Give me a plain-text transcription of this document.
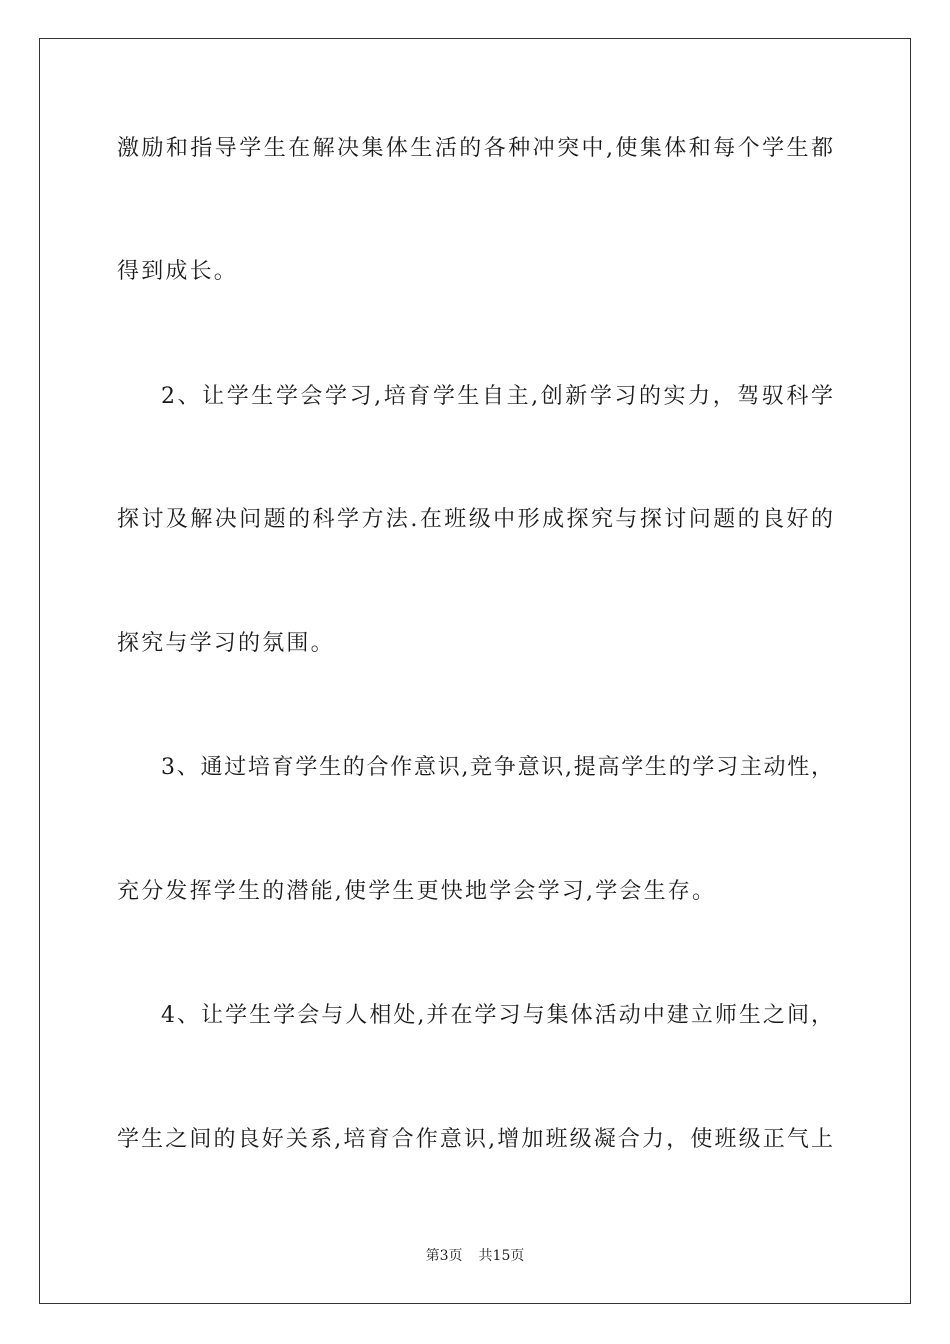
激励和指导学生在解决集体生活的各种冲突中,使集体和每个学生都
得到成长。
2、让学生学会学习,培育学生自主,创新学习的实力，驾驭科学
探讨及解决问题的科学方法.在班级中形成探究与探讨问题的良好的
探究与学习的氛围。
3、通过培育学生的合作意识,竞争意识,提高学生的学习主动性，
充分发挥学生的潜能,使学生更快地学会学习,学会生存。
4、让学生学会与人相处,并在学习与集体活动中建立师生之间，
学生之间的良好关系,培育合作意识,增加班级凝合力，使班级正气上
第3页 共15页
